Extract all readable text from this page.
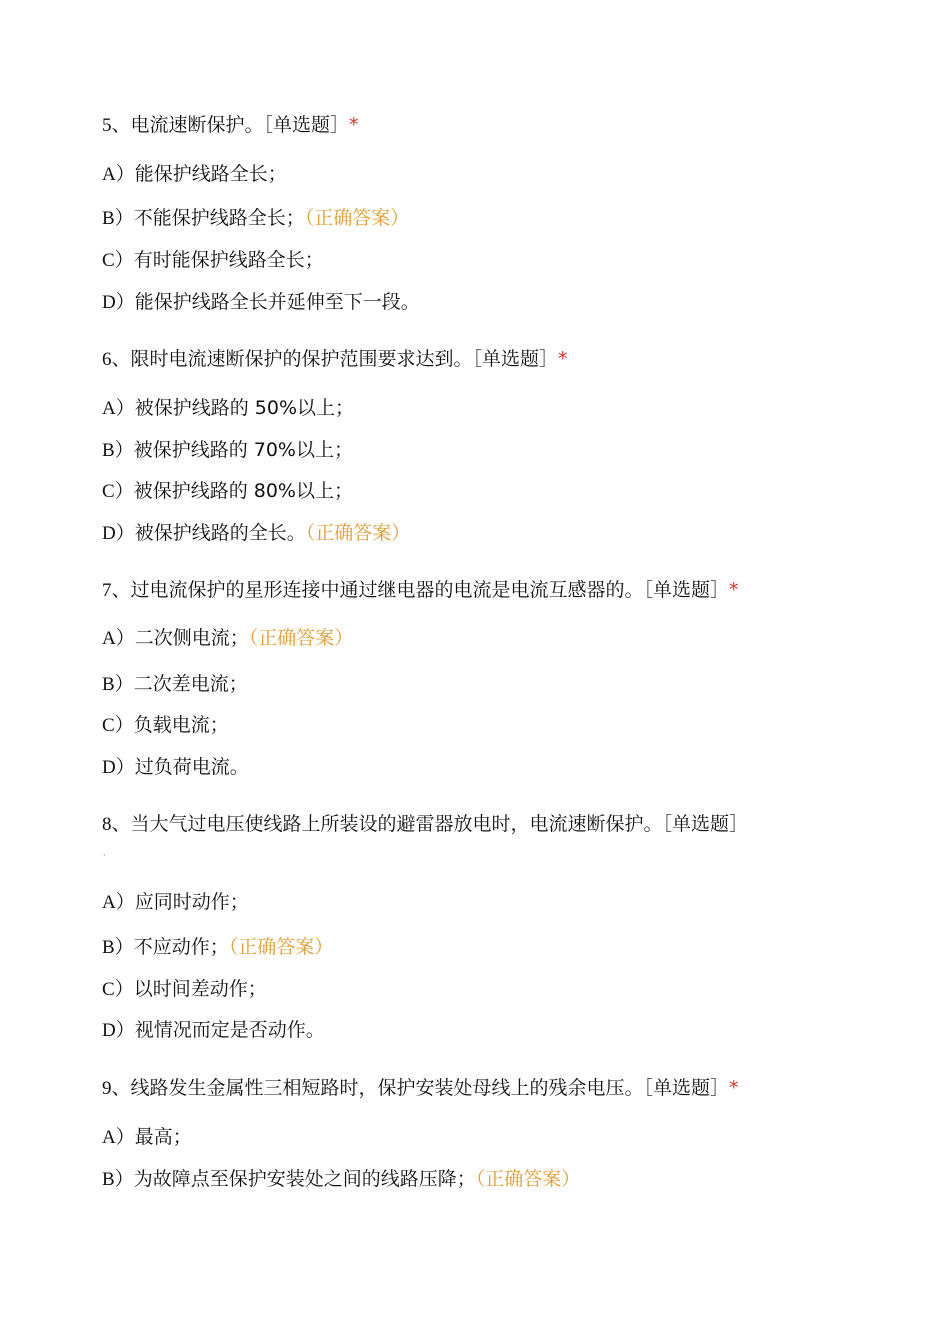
5、电流速断保护。［单选题］*
A）能保护线路全长；
B）不能保护线路全长；（正确答案）
C）有时能保护线路全长；
D）能保护线路全长并延伸至下一段。
6、限时电流速断保护的保护范围要求达到。［单选题］*
A）被保护线路的 50%以上；
B）被保护线路的 70%以上；
C）被保护线路的 80%以上；
D）被保护线路的全长。（正确答案）
7、过电流保护的星形连接中通过继电器的电流是电流互感器的。［单选题］*
A）二次侧电流；（正确答案）
B）二次差电流；
C）负载电流；
D）过负荷电流。
8、当大气过电压使线路上所装设的避雷器放电时，电流速断保护。［单选题］
·
A）应同时动作；
B）不应动作；（正确答案）
C）以时间差动作；
D）视情况而定是否动作。
9、线路发生金属性三相短路时，保护安装处母线上的残余电压。［单选题］*
A）最高；
B）为故障点至保护安装处之间的线路压降；（正确答案）
